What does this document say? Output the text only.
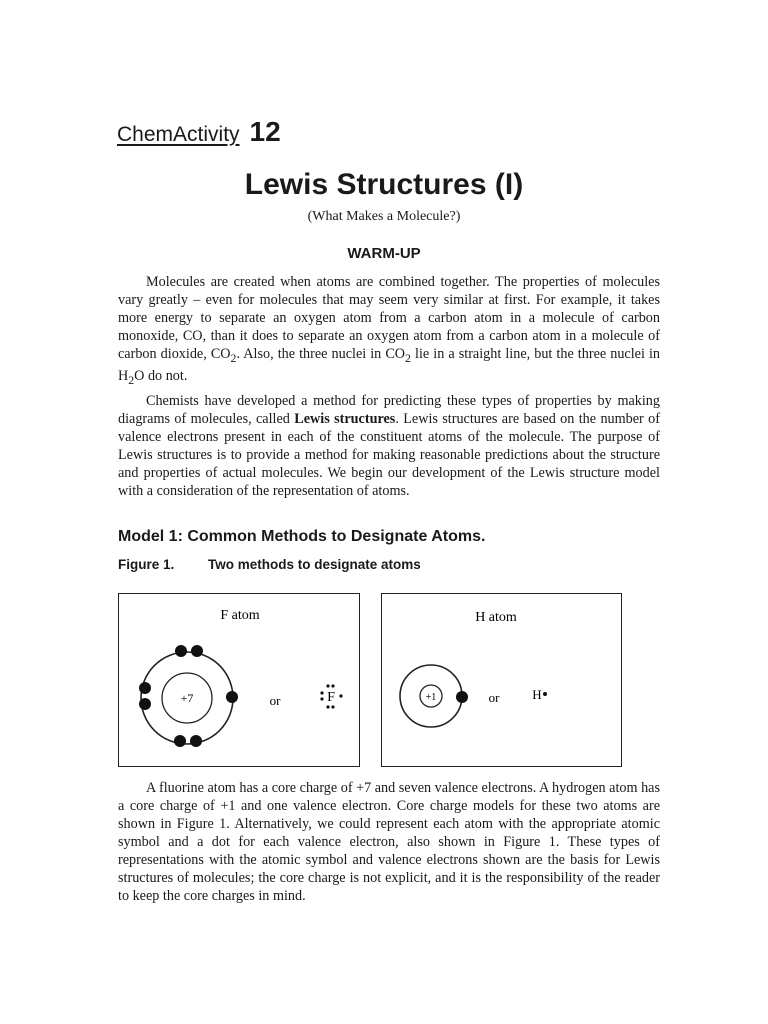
ChemActivity 12
Lewis Structures (I)
(What Makes a Molecule?)
WARM-UP

Molecules are created when atoms are combined together. The properties of molecules vary greatly – even for molecules that may seem very similar at first. For example, it takes more energy to separate an oxygen atom from a carbon atom in a molecule of carbon monoxide, CO, than it does to separate an oxygen atom from a carbon atom in a molecule of carbon dioxide, $CO_2$. Also, the three nuclei in $CO_2$ lie in a straight line, but the three nuclei in $H_2O$ do not.

Chemists have developed a method for predicting these types of properties by making diagrams of molecules, called Lewis structures. Lewis structures are based on the number of valence electrons present in each of the constituent atoms of the molecule. The purpose of Lewis structures is to provide a method for making reasonable predictions about the structure and properties of actual molecules. We begin our development of the Lewis structure model with a consideration of the representation of atoms.

Model 1: Common Methods to Designate Atoms.
Figure 1. Two methods to designate atoms
F atom
+7	or	F
H atom
+1	or	H

A fluorine atom has a core charge of +7 and seven valence electrons. A hydrogen atom has a core charge of +1 and one valence electron. Core charge models for these two atoms are shown in Figure 1. Alternatively, we could represent each atom with the appropriate atomic symbol and a dot for each valence electron, also shown in Figure 1. These types of representations with the atomic symbol and valence electrons shown are the basis for Lewis structures of molecules; the core charge is not explicit, and it is the responsibility of the reader to keep the core charges in mind.
